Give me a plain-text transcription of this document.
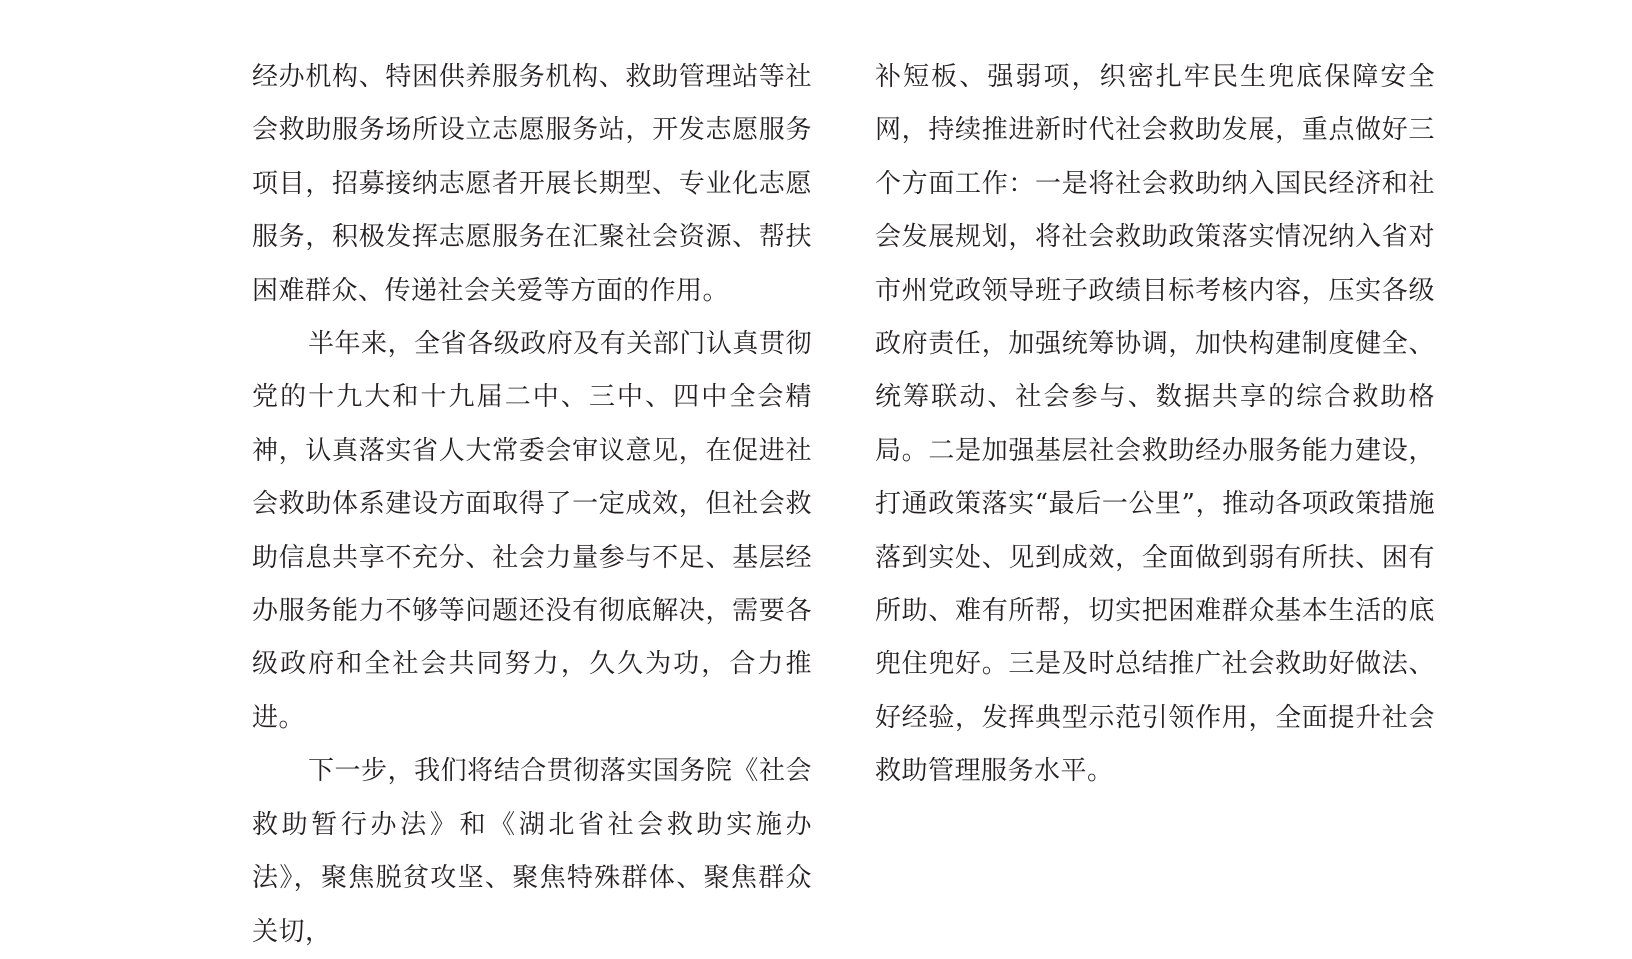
经办机构、特困供养服务机构、救助管理站等社会救助服务场所设立志愿服务站，开发志愿服务项目，招募接纳志愿者开展长期型、专业化志愿服务，积极发挥志愿服务在汇聚社会资源、帮扶困难群众、传递社会关爱等方面的作用。

半年来，全省各级政府及有关部门认真贯彻党的十九大和十九届二中、三中、四中全会精神，认真落实省人大常委会审议意见，在促进社会救助体系建设方面取得了一定成效，但社会救助信息共享不充分、社会力量参与不足、基层经办服务能力不够等问题还没有彻底解决，需要各级政府和全社会共同努力，久久为功，合力推进。

下一步，我们将结合贯彻落实国务院《社会救助暂行办法》和《湖北省社会救助实施办法》，聚焦脱贫攻坚、聚焦特殊群体、聚焦群众关切，

补短板、强弱项，织密扎牢民生兜底保障安全网，持续推进新时代社会救助发展，重点做好三个方面工作：一是将社会救助纳入国民经济和社会发展规划，将社会救助政策落实情况纳入省对市州党政领导班子政绩目标考核内容，压实各级政府责任，加强统筹协调，加快构建制度健全、统筹联动、社会参与、数据共享的综合救助格局。二是加强基层社会救助经办服务能力建设，打通政策落实“最后一公里”，推动各项政策措施落到实处、见到成效，全面做到弱有所扶、困有所助、难有所帮，切实把困难群众基本生活的底兜住兜好。三是及时总结推广社会救助好做法、好经验，发挥典型示范引领作用，全面提升社会救助管理服务水平。
